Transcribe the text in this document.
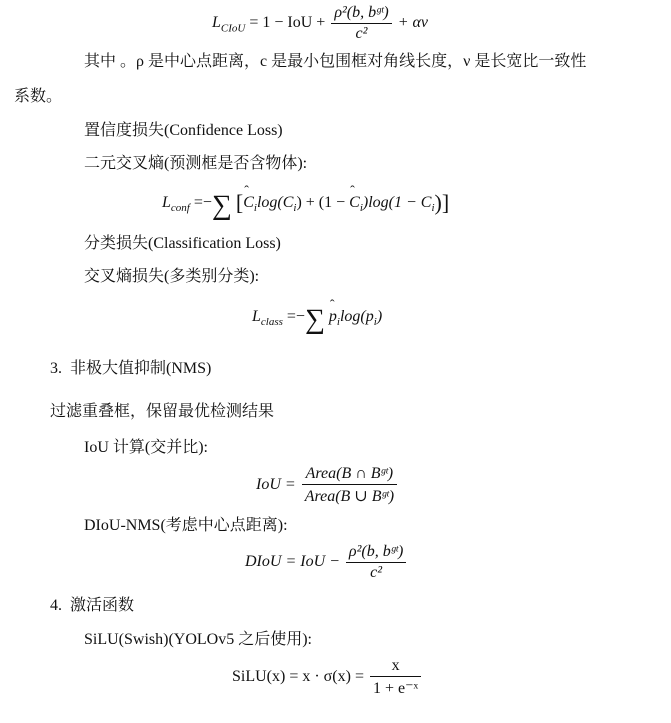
$L_{CIoU} = 1$ − IoU + $\frac{\text{ρ²(b, bᵍᵗ)}}{\text{c²}} + \alpha v$
其中 。ρ 是中心点距离，c 是最小包围框对角线长度，ν 是长宽比一致性
系数。
置信度损失(Confidence Loss)
二元交叉熵(预测框是否含物体):
$L_{conf}$ =−∑ [ˆ $C_i\log(C_i) + (1$ − ˆ $C_i)\log(1 - C_i)$]
分类损失(Classification Loss)
交叉熵损失(多类别分类):
$L_{class}$ =−∑ ˆ $p_i\log(p_i)$
3. 非极大值抑制(NMS)
过滤重叠框，保留最优检测结果
IoU 计算(交并比):
IoU = $\frac{\text{Area(B ∩ Bᵍᵗ)}}{\text{Area(B ∪ Bᵍᵗ)}}$
DIoU-NMS(考虑中心点距离):
DIoU = IoU − $\frac{\text{ρ²(b, bᵍᵗ)}}{\text{c²}}$
4. 激活函数
SiLU(Swish)(YOLOv5 之后使用):
SiLU(x) = $x \cdot \sigma(x) = \frac{x}{\text{1 + e⁻ˣ}}$
